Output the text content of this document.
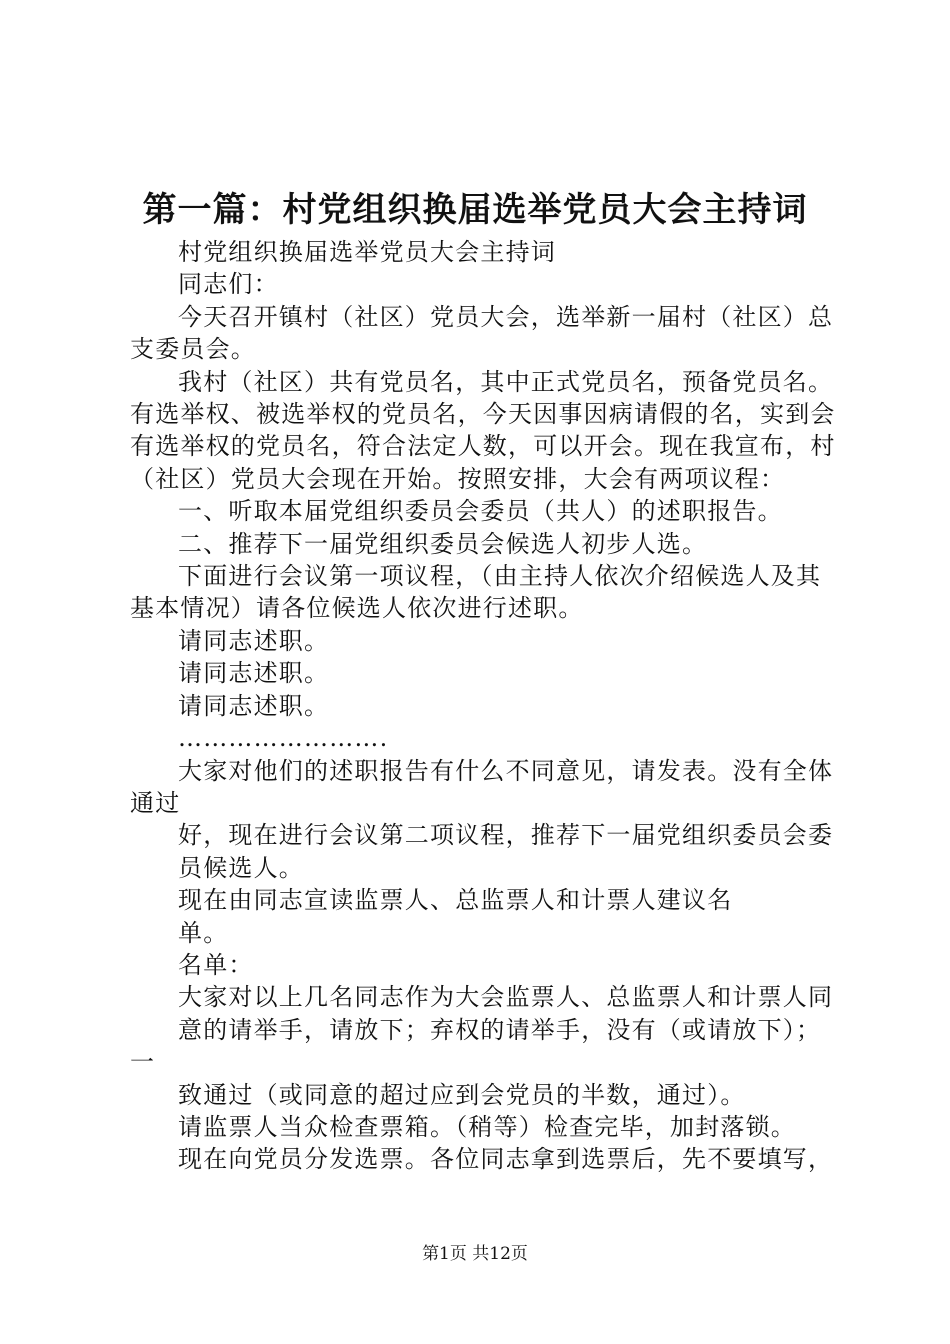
第一篇：村党组织换届选举党员大会主持词

村党组织换届选举党员大会主持词

同志们：

今天召开镇村（社区）党员大会，选举新一届村（社区）总支委员会。

我村（社区）共有党员名，其中正式党员名，预备党员名。有选举权、被选举权的党员名，今天因事因病请假的名，实到会有选举权的党员名，符合法定人数，可以开会。现在我宣布，村（社区）党员大会现在开始。按照安排，大会有两项议程：

一、听取本届党组织委员会委员（共人）的述职报告。

二、推荐下一届党组织委员会候选人初步人选。

下面进行会议第一项议程，（由主持人依次介绍候选人及其基本情况）请各位候选人依次进行述职。

请同志述职。

请同志述职。

请同志述职。

…………………….

大家对他们的述职报告有什么不同意见，请发表。没有全体通过

好，现在进行会议第二项议程，推荐下一届党组织委员会委

员候选人。

现在由同志宣读监票人、总监票人和计票人建议名

单。

名单：

大家对以上几名同志作为大会监票人、总监票人和计票人同

意的请举手，请放下；弃权的请举手，没有（或请放下）；一

致通过（或同意的超过应到会党员的半数，通过）。

请监票人当众检查票箱。（稍等）检查完毕，加封落锁。

现在向党员分发选票。各位同志拿到选票后，先不要填写，

第1页 共12页
